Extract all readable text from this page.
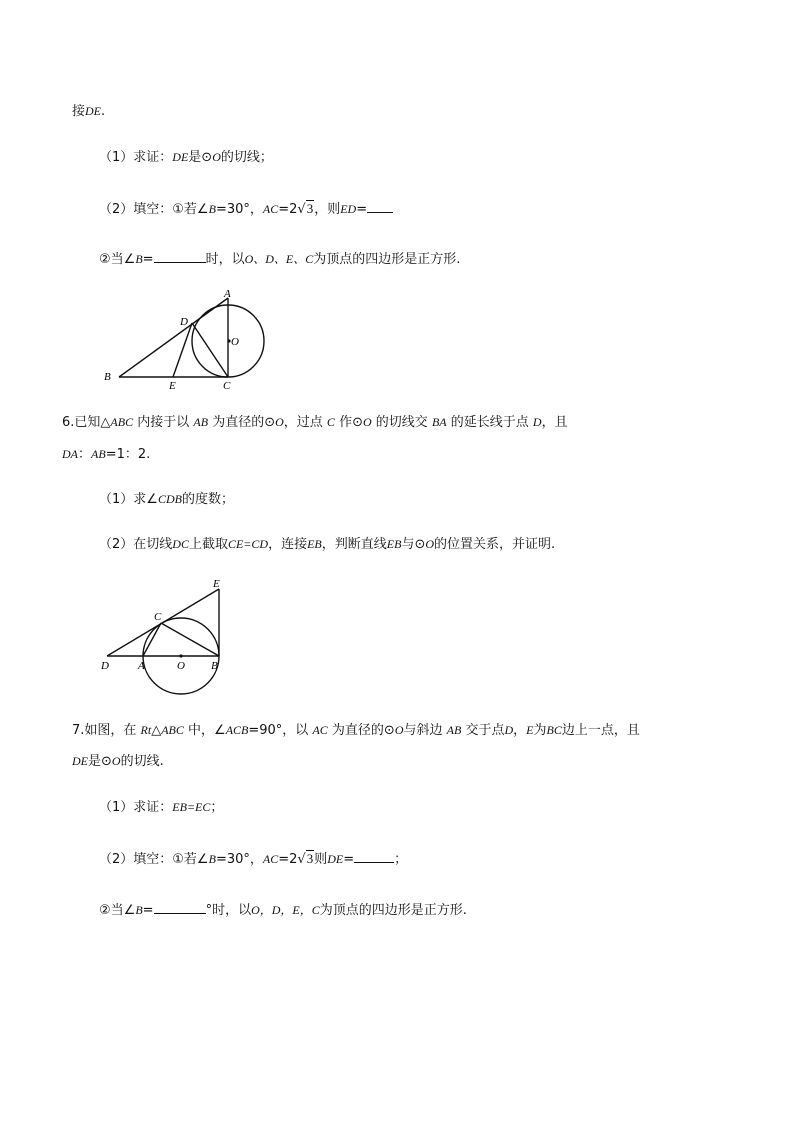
接DE.
（1）求证：DE是⊙O的切线；
（2）填空：①若∠B=30°，AC=2√3，则ED=
②当∠B=	时，以O、D、E、C为顶点的四边形是正方形.
A
D
O
B
E	C
6.已知△ABC 内接于以 AB 为直径的⊙O，过点 C 作⊙O 的切线交 BA 的延长线于点 D，且
DA：AB=1：2.
（1）求∠CDB的度数；
（2）在切线DC上截取CE=CD，连接EB，判断直线EB与⊙O的位置关系，并证明.
E
C
D	A	O B
7.如图，在 Rt△ABC 中，∠ACB=90°，以 AC 为直径的⊙O与斜边 AB 交于点D，E为BC边上一点，且
DE是⊙O的切线.
（1）求证：EB=EC；
（2）填空：①若∠B=30°，AC=2√3则DE=	；
②当∠B=	°时，以O，D，E，C为顶点的四边形是正方形.
